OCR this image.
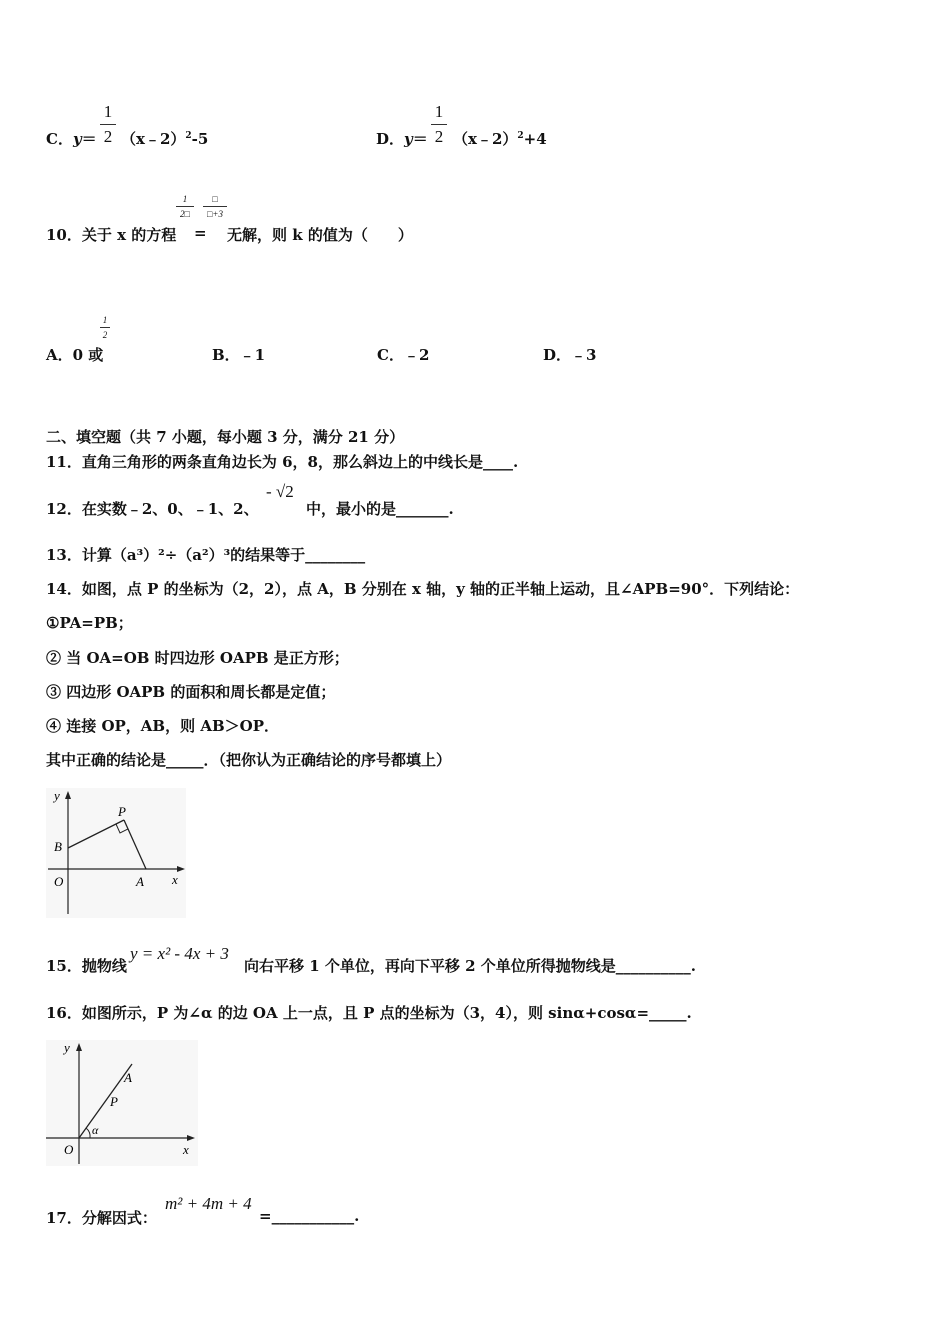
C．y＝
1
2 （x﹣2）$^2$-5	D．y＝
1
2 （x﹣2）$^2$+4
10．关于 x 的方程
1
2□
=
□
□+3
无解，则 k 的值为（　　）
A．0 或
1
2
B．﹣1	C．﹣2	D．﹣3
二、填空题（共 7 小题，每小题 3 分，满分 21 分）
11．直角三角形的两条直角边长为 6，8，那么斜边上的中线长是____.
12．在实数﹣2、0、﹣1、2、
- √2
中，最小的是_______.
13．计算（a³）²÷（a²）³的结果等于________
14．如图，点 P 的坐标为（2，2），点 A，B 分别在 x 轴，y 轴的正半轴上运动，且∠APB=90°．下列结论：
①PA=PB；
② 当 OA=OB 时四边形 OAPB 是正方形；
③ 四边形 OAPB 的面积和周长都是定值；
④ 连接 OP，AB，则 AB＞OP．
其中正确的结论是_____．（把你认为正确结论的序号都填上）
y
P
B
O	A x
15．抛物线
y = x² - 4x + 3
向右平移 1 个单位，再向下平移 2 个单位所得抛物线是__________.
16．如图所示，P 为∠α 的边 OA 上一点，且 P 点的坐标为（3，4），则 sinα+cosα=_____.
y
A
P
α
O	x
17．分解因式：
m² + 4m + 4
=___________.
